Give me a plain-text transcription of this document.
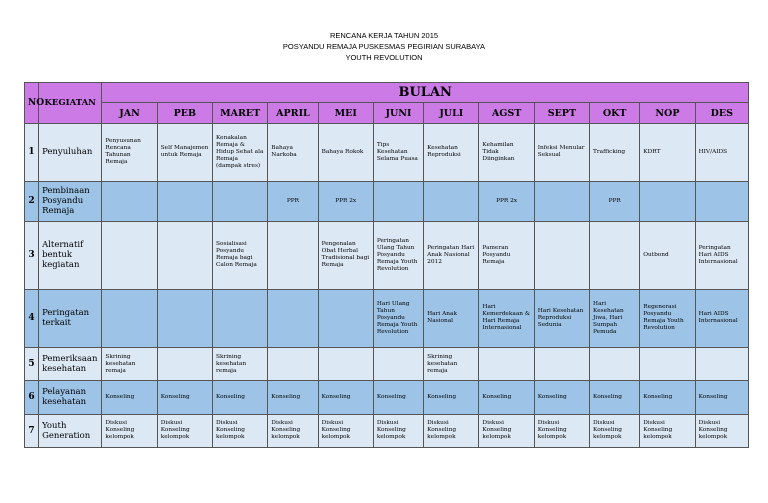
RENCANA KERJA TAHUN 2015
POSYANDU REMAJA PUSKESMAS PEGIRIAN SURABAYA
YOUTH REVOLUTION
NO	KEGIATAN	BULAN											
		JAN	PEB	MARET	APRIL	MEI	JUNI	JULI	AGST	SEPT	OKT	NOP	DES
1	Penyuluhan	Penyusunan Rencana Tahunan Remaja	Self Manajemen untuk Remaja	Kenakalan Remaja & Hidup Sehat ala Remaja (dampak stres)	Bahaya Narkoba	Bahaya Rokok	Tips Kesehatan Selama Puasa	Kesehatan Reproduksi	Kehamilan Tidak Diinginkan	Infeksi Menular Seksual	Trafficking	KDRT	HIV/AIDS
2	Pembinaan Posyandu Remaja				PPR	PPR 2x			PPR 2x		PPR		
3	Alternatif bentuk kegiatan			Sosialisasi Posyandu Remaja bagi Calon Remaja		Pengenalan Obat Herbal Tradisional bagi Remaja	Peringatan Ulang Tahun Posyandu Remaja Youth Revolution	Peringatan Hari Anak Nasional 2012	Pameran Posyandu Remaja			Outbond	Peringatan Hari AIDS Internasional
4	Peringatan terkait						Hari Ulang Tahun Posyandu Remaja Youth Revolution	Hari Anak Nasional	Hari Kemerdekaan & Hari Remaja Internasional	Hari Kesehatan Reproduksi Sedunia	Hari Kesehatan Jiwa, Hari Sumpah Pemuda	Regenerasi Posyandu Remaja Youth Revolution	Hari AIDS Internasional
5	Pemeriksaan kesehatan	Skrining kesehatan remaja		Skrining kesehatan remaja				Skrining kesehatan remaja					
6	Pelayanan kesehatan	Konseling	Konseling	Konseling	Konseling	Konseling	Konseling	Konseling	Konseling	Konseling	Konseling	Konseling	Konseling
7	Youth Generation	Diskusi Konseling kelompok	Diskusi Konseling kelompok	Diskusi Konseling kelompok	Diskusi Konseling kelompok	Diskusi Konseling kelompok	Diskusi Konseling kelompok	Diskusi Konseling kelompok	Diskusi Konseling kelompok	Diskusi Konseling kelompok	Diskusi Konseling kelompok	Diskusi Konseling kelompok	Diskusi Konseling kelompok
